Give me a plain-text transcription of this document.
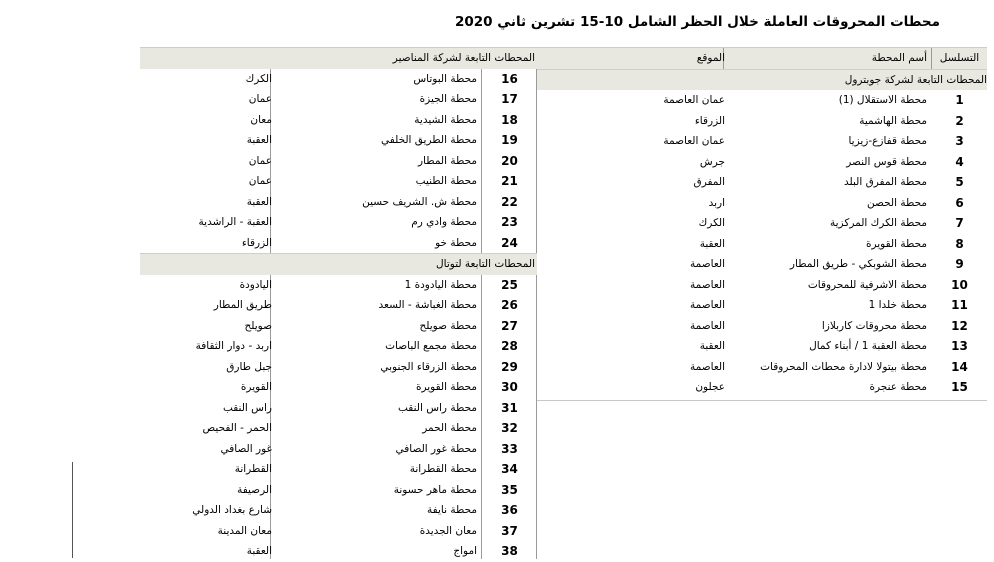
محطات المحروقات العاملة خلال الحظر الشامل 10-15 تشرين ثاني 2020
التسلسل
أسم المحطة
الموقع
المحطات التابعة لشركة جوبترول
1
محطة الاستقلال (1)
عمان العاصمة
2
محطة الهاشمية
الزرقاء
3
محطة قفازع-زيزيا
عمان العاصمة
4
محطة قوس النصر
جرش
5
محطة المفرق البلد
المفرق
6
محطة الحصن
اربد
7
محطة الكرك المركزية
الكرك
8
محطة القويرة
العقبة
9
محطة الشوبكي - طريق المطار
العاصمة
10
محطة الاشرفية للمحروقات
العاصمة
11
محطة خلدا 1
العاصمة
12
محطة محروقات كاربلازا
العاصمة
13
محطة العقبة 1 / أبناء كمال
العقبة
14
محطة بيتولا لادارة محطات المحروقات
العاصمة
15
محطة عنجرة
عجلون
المحطات التابعة لشركة المناصير
16
محطة البوتاس
الكرك
17
محطة الجيزة
عمان
18
محطة الشيدية
معان
19
محطة الطريق الخلفي
العقبة
20
محطة المطار
عمان
21
محطة الطنيب
عمان
22
محطة ش. الشريف حسين
العقبة
23
محطة وادي رم
العقبة - الراشدية
24
محطة خو
الزرقاء
المحطات التابعة لتوتال
25
محطة اليادودة 1
اليادودة
26
محطة الغباشة - السعد
طريق المطار
27
محطة صويلح
صويلح
28
محطة مجمع الباصات
اربد - دوار الثقافة
29
محطة الزرقاء الجنوبي
جبل طارق
30
محطة القويرة
القويرة
31
محطة راس النقب
راس النقب
32
محطة الحمر
الحمر - الفحيص
33
محطة غور الصافي
غور الصافي
34
محطة القطرانة
القطرانة
35
محطة ماهر حسونة
الرصيفة
36
محطة نايفة
شارع بغداد الدولي
37
معان الجديدة
معان المدينة
38
امواج
العقبة
